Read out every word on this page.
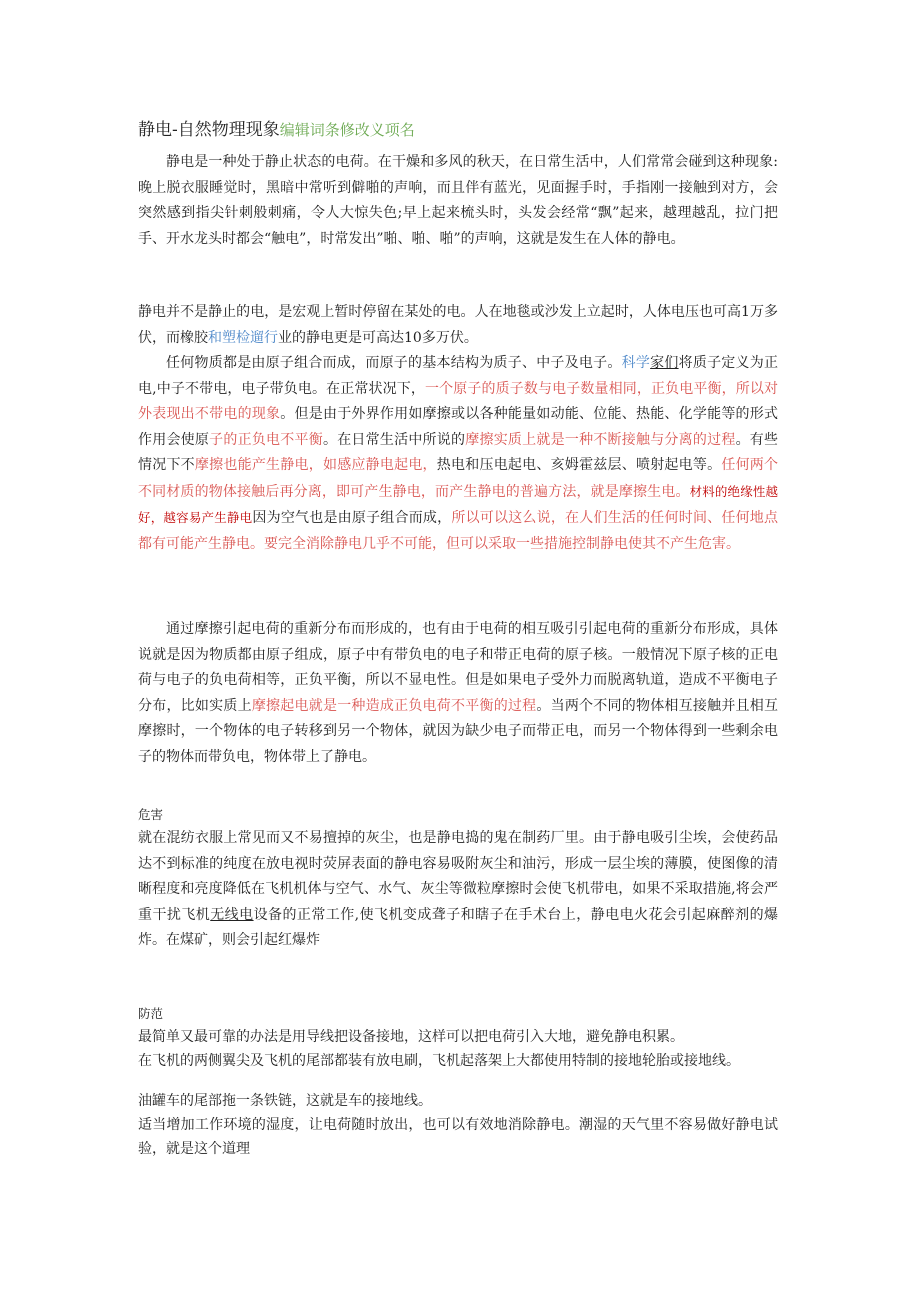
静电-自然物理现象编辑词条修改义项名
静电是一种处于静止状态的电荷。在干燥和多风的秋天，在日常生活中，人们常常会碰到这种现象:晚上脱衣服睡觉时，黑暗中常听到僻啪的声响，而且伴有蓝光，见面握手时，手指刚一接触到对方，会突然感到指尖针刺般刺痛，令人大惊失色;早上起来梳头时，头发会经常“飘”起来，越理越乱，拉门把手、开水龙头时都会“触电”，时常发出”啪、啪、啪”的声响，这就是发生在人体的静电。
静电并不是静止的电，是宏观上暂时停留在某处的电。人在地毯或沙发上立起时，人体电压也可高1万多伏，而橡胶和塑检遛行业的静电更是可高达10多万伏。
任何物质都是由原子组合而成，而原子的基本结构为质子、中子及电子。科学家们将质子定义为正电,中子不带电，电子带负电。在正常状况下，一个原子的质子数与电子数量相同，正负电平衡，所以对外表现出不带电的现象。但是由于外界作用如摩擦或以各种能量如动能、位能、热能、化学能等的形式作用会使原子的正负电不平衡。在日常生活中所说的摩擦实质上就是一种不断接触与分离的过程。有些情况下不摩擦也能产生静电，如感应静电起电，热电和压电起电、亥姆霍兹层、喷射起电等。任何两个不同材质的物体接触后再分离，即可产生静电，而产生静电的普遍方法，就是摩擦生电。材料的绝缘性越好，越容易产生静电因为空气也是由原子组合而成，所以可以这么说，在人们生活的任何时间、任何地点都有可能产生静电。要完全消除静电几乎不可能，但可以采取一些措施控制静电使其不产生危害。
通过摩擦引起电荷的重新分布而形成的，也有由于电荷的相互吸引引起电荷的重新分布形成，具体说就是因为物质都由原子组成，原子中有带负电的电子和带正电荷的原子核。一般情况下原子核的正电荷与电子的负电荷相等，正负平衡，所以不显电性。但是如果电子受外力而脱离轨道，造成不平衡电子分布，比如实质上摩擦起电就是一种造成正负电荷不平衡的过程。当两个不同的物体相互接触并且相互摩擦时，一个物体的电子转移到另一个物体，就因为缺少电子而带正电，而另一个物体得到一些剩余电子的物体而带负电，物体带上了静电。
危害
就在混纺衣服上常见而又不易擅掉的灰尘，也是静电捣的鬼在制药厂里。由于静电吸引尘埃，会使药品达不到标准的纯度在放电视时荧屏表面的静电容易吸附灰尘和油污，形成一层尘埃的薄膜，使图像的清晰程度和亮度降低在飞机机体与空气、水气、灰尘等微粒摩擦时会使飞机带电，如果不采取措施,将会严重干扰飞机无线电设备的正常工作,使飞机变成聋子和瞎子在手术台上，静电电火花会引起麻醉剂的爆炸。在煤矿，则会引起红爆炸
防范
最简单又最可靠的办法是用导线把设备接地，这样可以把电荷引入大地，避免静电积累。
在飞机的两侧翼尖及飞机的尾部都装有放电刷，飞机起落架上大都使用特制的接地轮胎或接地线。
油罐车的尾部拖一条铁链，这就是车的接地线。
适当增加工作环境的湿度，让电荷随时放出，也可以有效地消除静电。潮湿的天气里不容易做好静电试验，就是这个道理
